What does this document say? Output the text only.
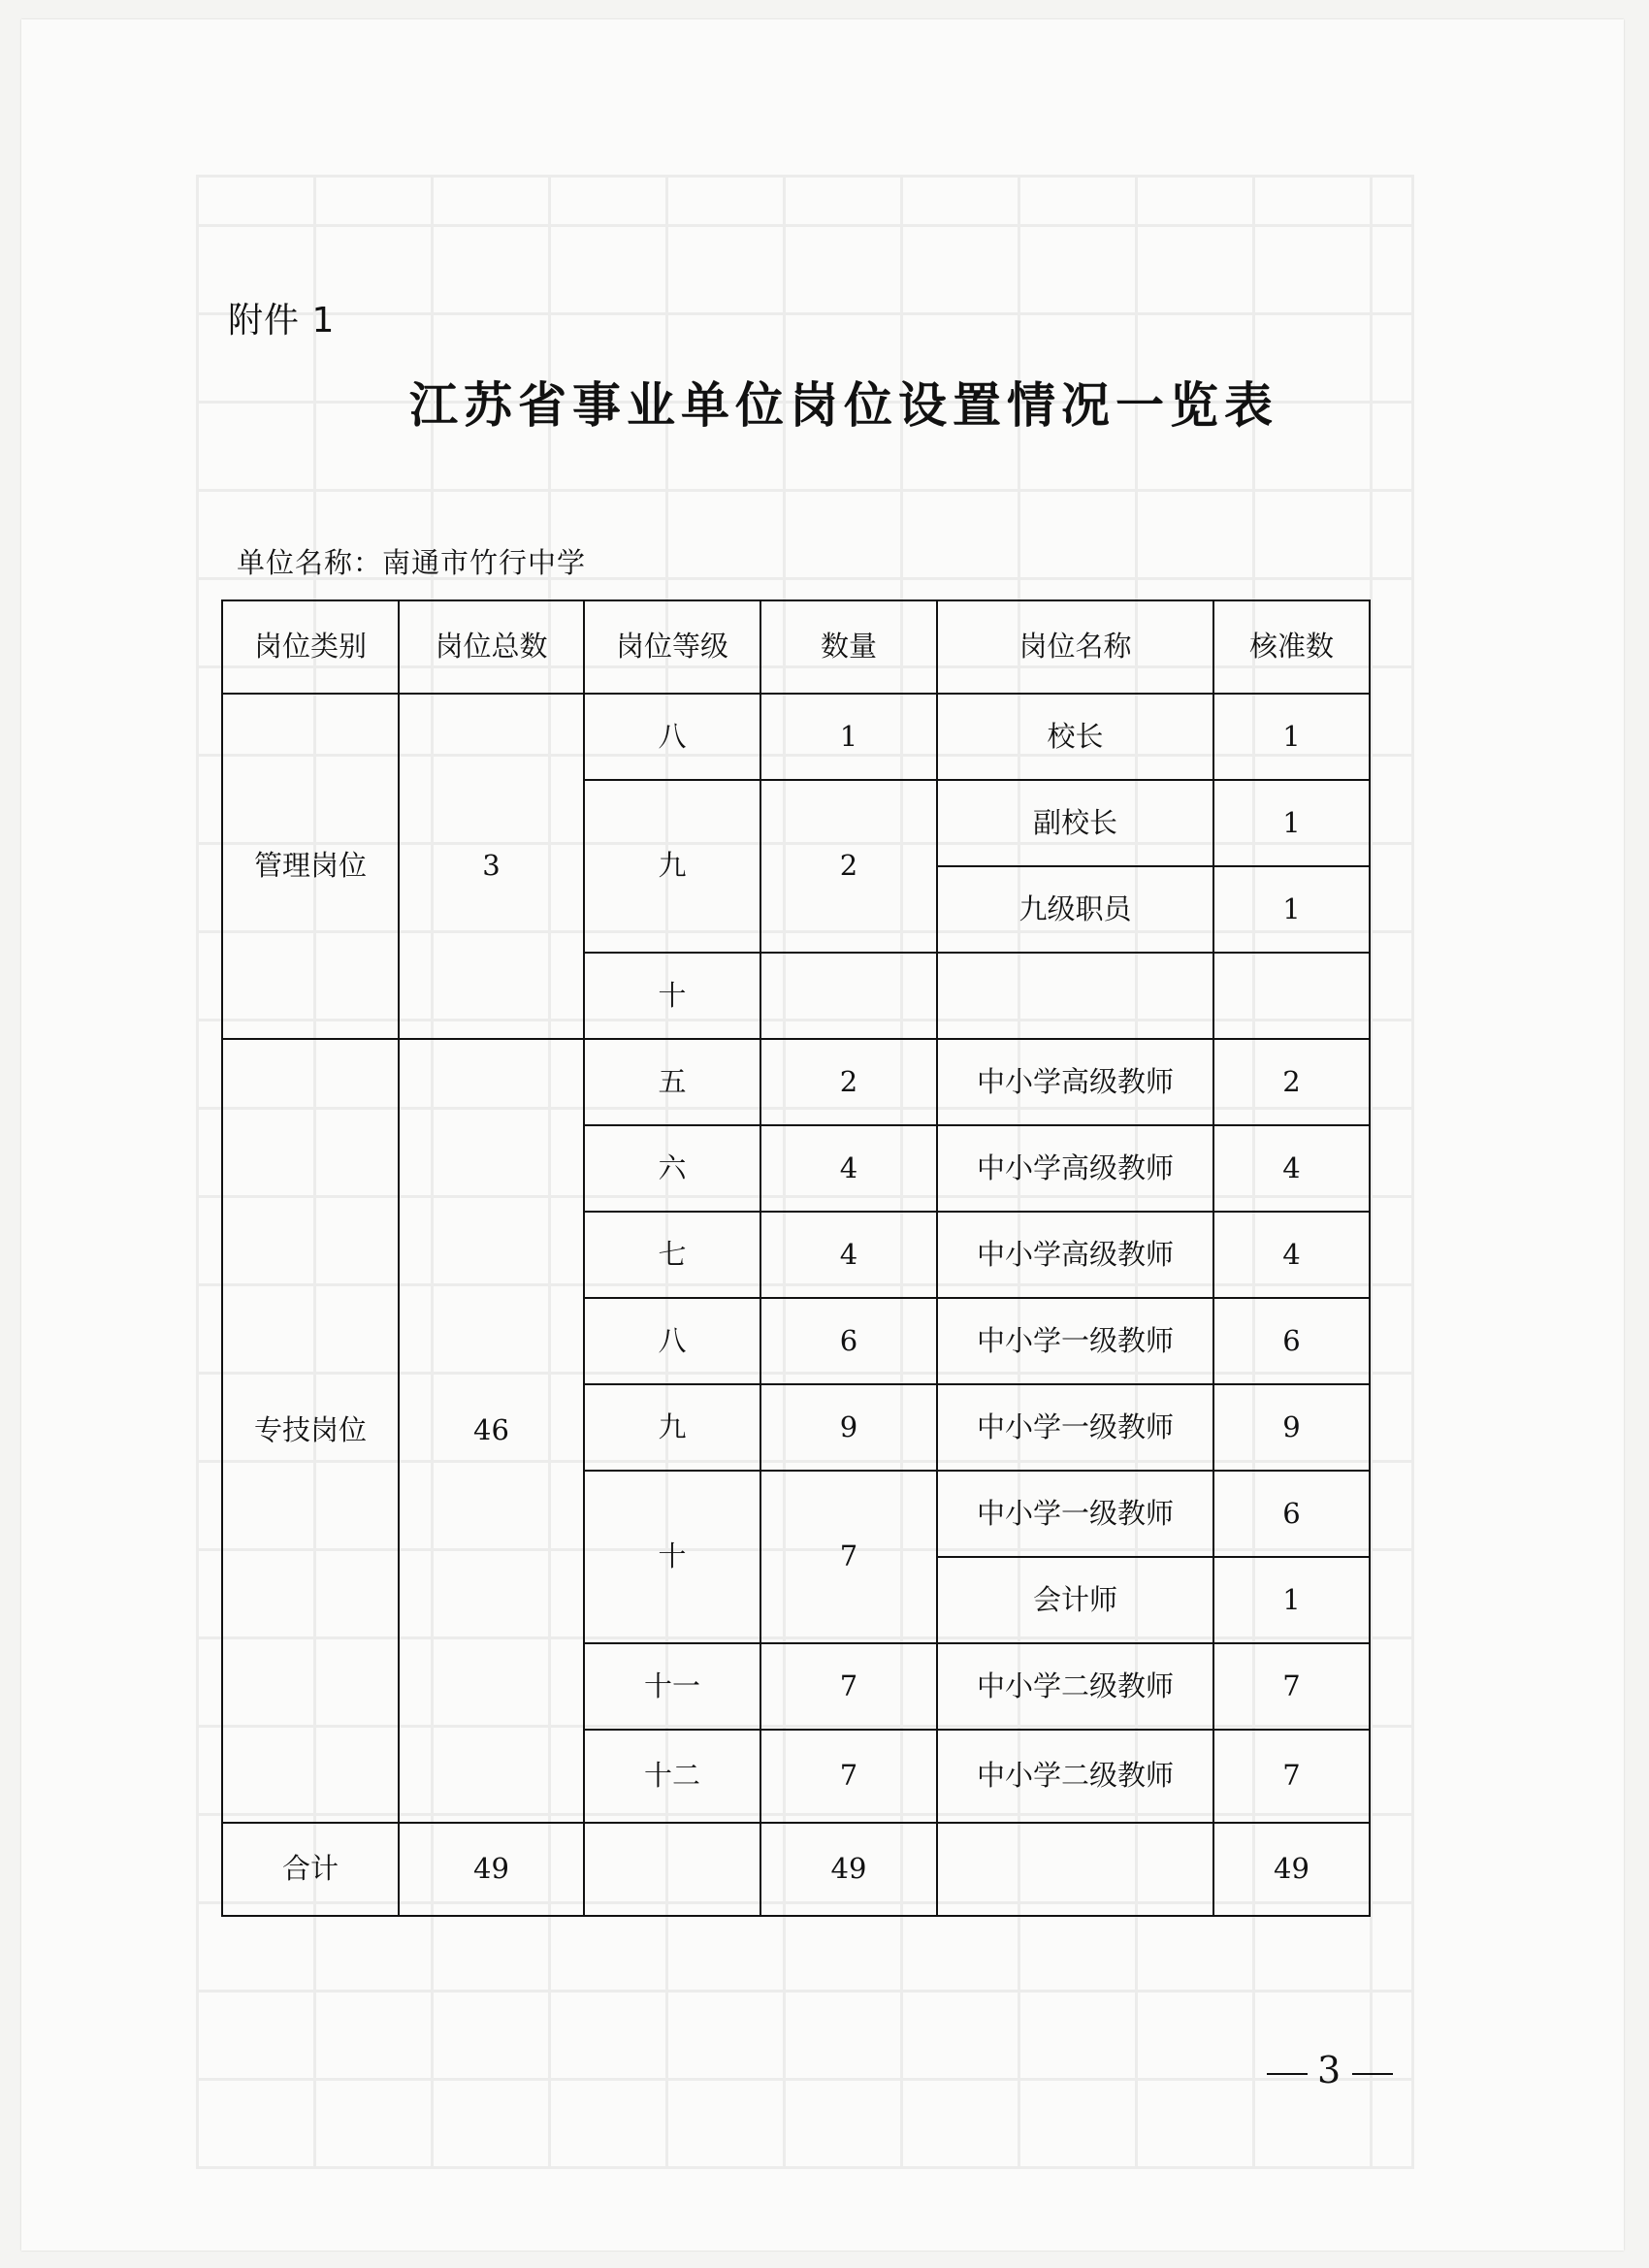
附件 1
江苏省事业单位岗位设置情况一览表
单位名称：南通市竹行中学
岗位类别	岗位总数	岗位等级	数量	岗位名称	核准数
管理岗位	3	八	1	校长	1
		九	2	副校长	1
				九级职员	1
		十			
专技岗位	46	五	2	中小学高级教师	2
		六	4	中小学高级教师	4
		七	4	中小学高级教师	4
		八	6	中小学一级教师	6
		九	9	中小学一级教师	9
		十	7	中小学一级教师	6
				会计师	1
		十一	7	中小学二级教师	7
		十二	7	中小学二级教师	7
合计	49		49		49
3
